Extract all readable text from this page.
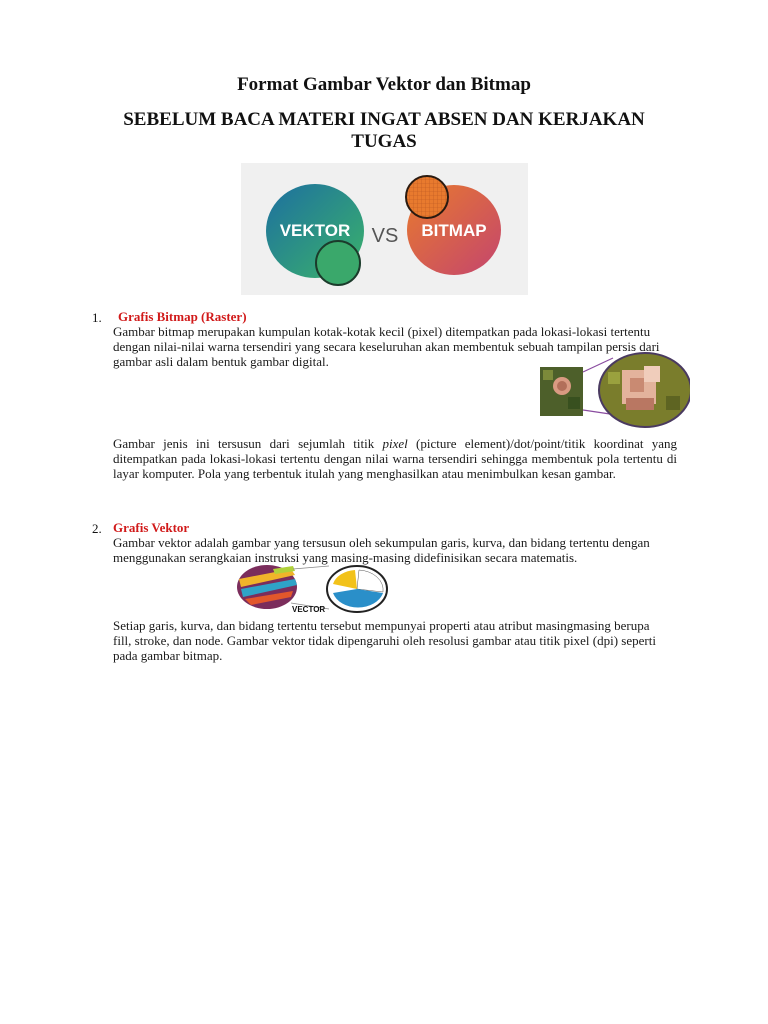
Format Gambar Vektor dan Bitmap
SEBELUM BACA MATERI INGAT ABSEN DAN KERJAKAN TUGAS
VEKTOR VS BITMAP
1. Grafis Bitmap (Raster)
Gambar bitmap merupakan kumpulan kotak-kotak kecil (pixel) ditempatkan pada lokasi-lokasi tertentu dengan nilai-nilai warna tersendiri yang secara keseluruhan akan membentuk sebuah tampilan persis dari gambar asli dalam bentuk gambar digital.
Gambar jenis ini tersusun dari sejumlah titik pixel (picture element)/dot/point/titik koordinat yang ditempatkan pada lokasi-lokasi tertentu dengan nilai warna tersendiri sehingga membentuk pola tertentu di layar komputer. Pola yang terbentuk itulah yang menghasilkan atau menimbulkan kesan gambar.
2. Grafis Vektor
Gambar vektor adalah gambar yang tersusun oleh sekumpulan garis, kurva, dan bidang tertentu dengan menggunakan serangkaian instruksi yang masing-masing didefinisikan secara matematis.
VECTOR
Setiap garis, kurva, dan bidang tertentu tersebut mempunyai properti atau atribut masingmasing berupa fill, stroke, dan node. Gambar vektor tidak dipengaruhi oleh resolusi gambar atau titik pixel (dpi) seperti pada gambar bitmap.
